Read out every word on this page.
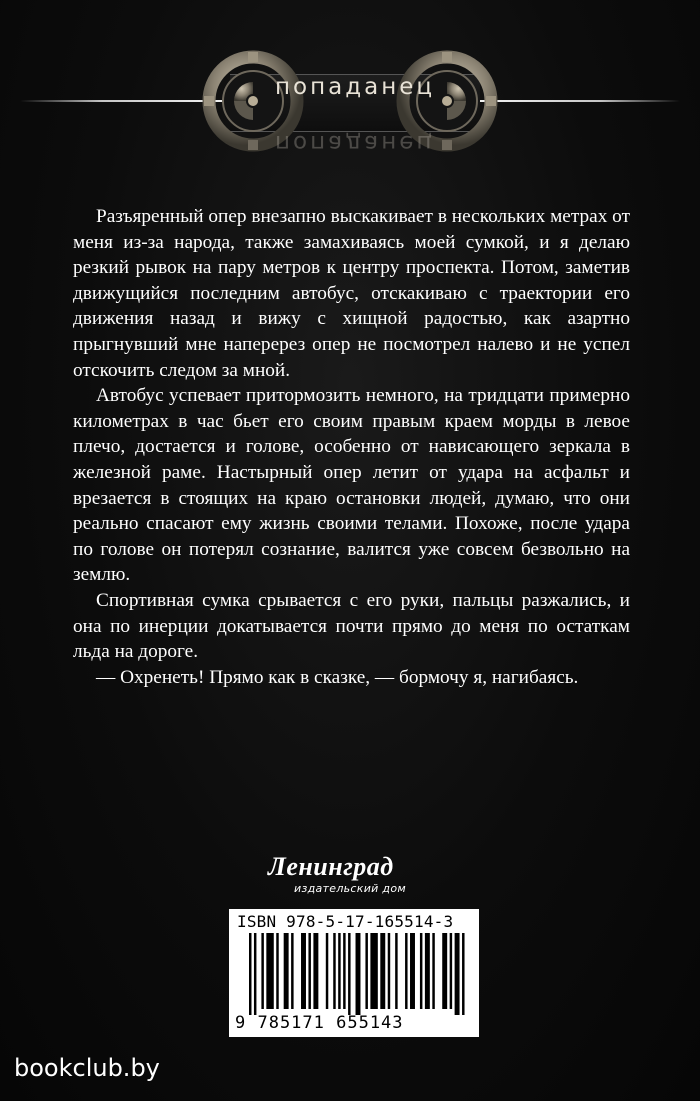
попаданец
попаданец

Разъяренный опер внезапно выскакивает в нескольких метрах от меня из-за народа, также замахиваясь моей сумкой, и я делаю резкий рывок на пару метров к центру проспекта. Потом, заметив движущийся последним автобус, отскакиваю с траектории его движения назад и вижу с хищной радостью, как азартно прыгнувший мне наперерез опер не посмотрел налево и не успел отскочить следом за мной.

Автобус успевает притормозить немного, на тридцати примерно километрах в час бьет его своим правым краем морды в левое плечо, достается и голове, особенно от нависающего зеркала в железной раме. Настырный опер летит от удара на асфальт и врезается в стоящих на краю остановки людей, думаю, что они реально спасают ему жизнь своими телами. Похоже, после удара по голове он потерял сознание, валится уже совсем безвольно на землю.

Спортивная сумка срывается с его руки, пальцы разжались, и она по инерции докатывается почти прямо до меня по остаткам льда на дороге.

— Охренеть! Прямо как в сказке, — бормочу я, нагибаясь.

Ленинград
издательский дом
ISBN 978-5-17-165514-3
9 785171 655143
bookclub.by
